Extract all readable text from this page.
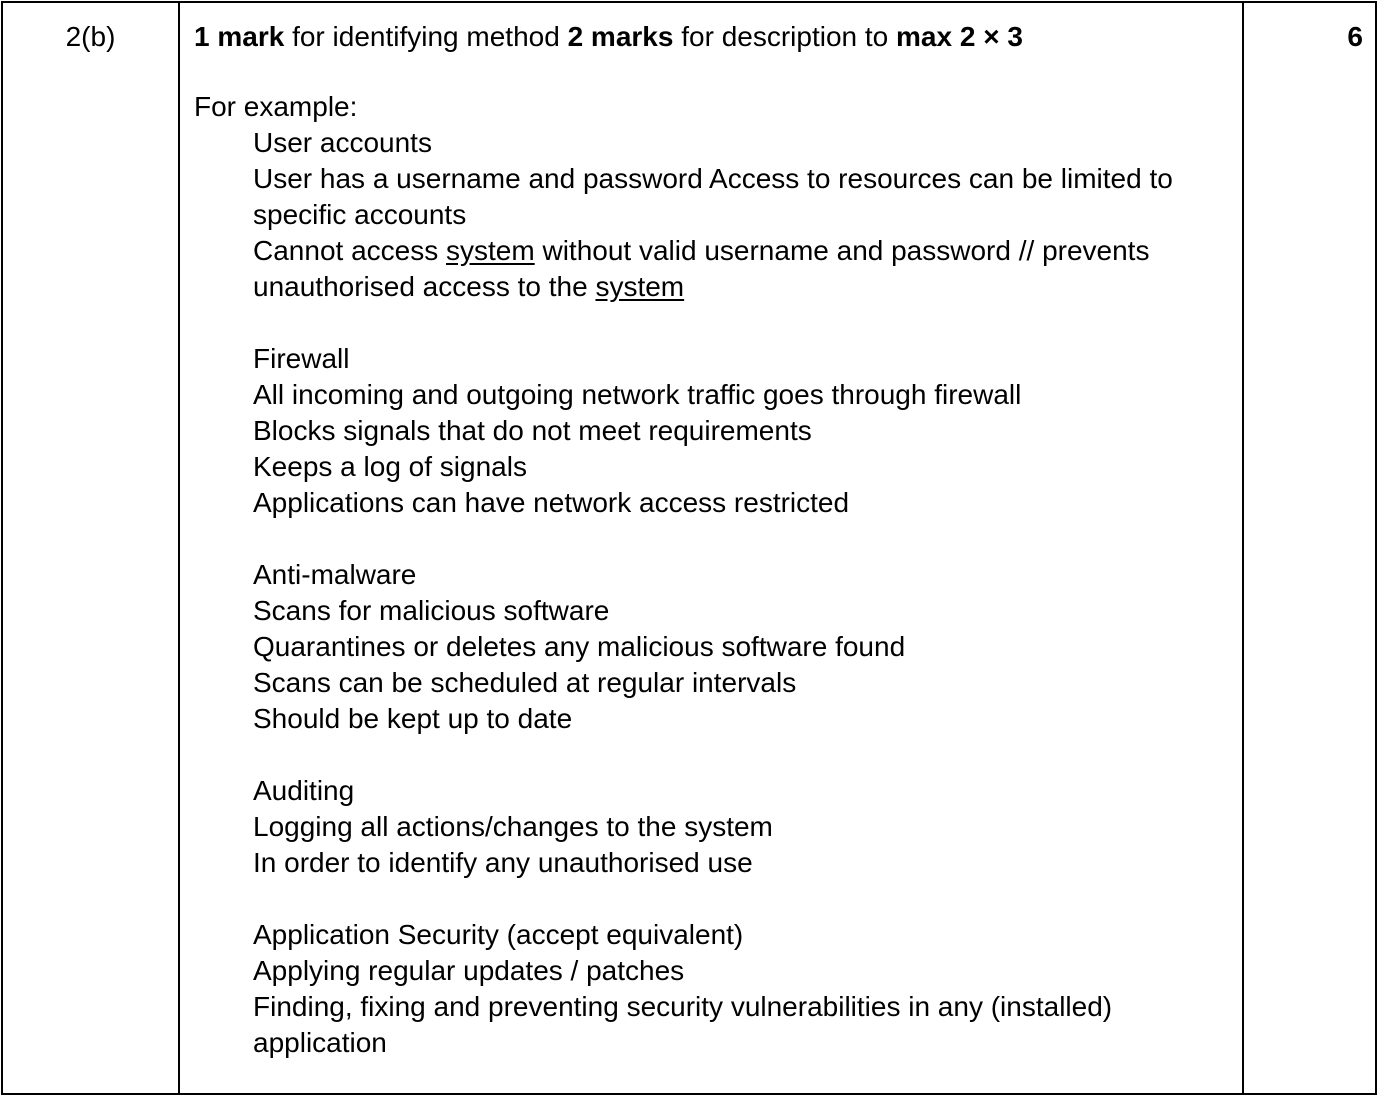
2(b)	1 mark for identifying method 2 marks for description to max 2 × 3
For example:
User accounts
User has a username and password Access to resources can be limited to specific accounts
Cannot access system without valid username and password // prevents unauthorised access to the system
Firewall
All incoming and outgoing network traffic goes through firewall
Blocks signals that do not meet requirements
Keeps a log of signals
Applications can have network access restricted
Anti-malware
Scans for malicious software
Quarantines or deletes any malicious software found
Scans can be scheduled at regular intervals
Should be kept up to date
Auditing
Logging all actions/changes to the system
In order to identify any unauthorised use
Application Security (accept equivalent)
Applying regular updates / patches
Finding, fixing and preventing security vulnerabilities in any (installed) application
6
